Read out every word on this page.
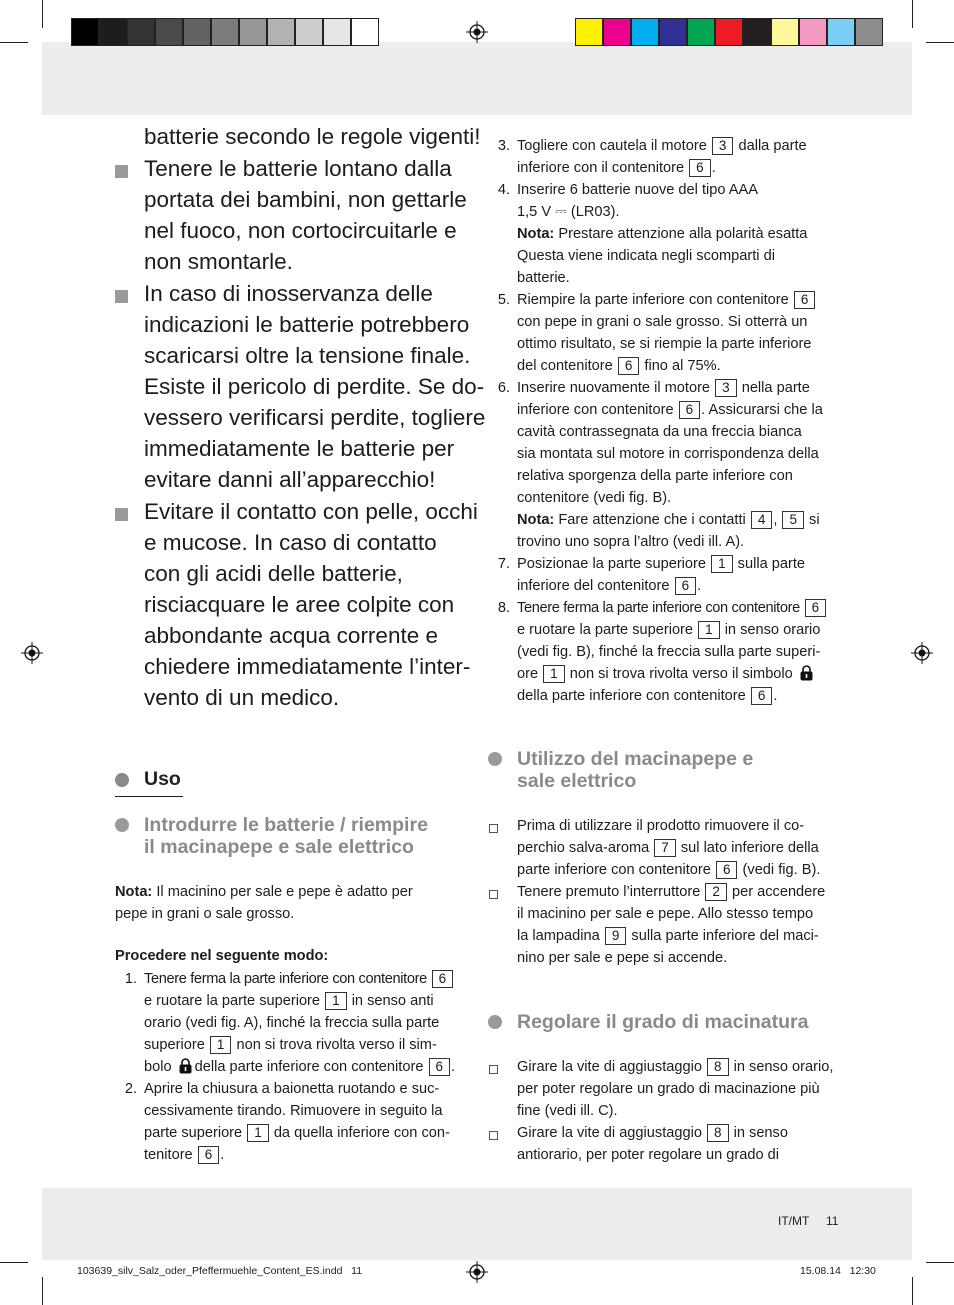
batterie secondo le regole vigenti!
Tenere le batterie lontano dalla
portata dei bambini, non gettarle
nel fuoco, non cortocircuitarle e
non smontarle.
In caso di inosservanza delle
indicazioni le batterie potrebbero
scaricarsi oltre la tensione finale.
Esiste il pericolo di perdite. Se do-
vessero verificarsi perdite, togliere
immediatamente le batterie per
evitare danni all’apparecchio!
Evitare il contatto con pelle, occhi
e mucose. In caso di contatto
con gli acidi delle batterie,
risciacquare le aree colpite con
abbondante acqua corrente e
chiedere immediatamente l’inter-
vento di un medico.
Uso
Introdurre le batterie / riempire
il macinapepe e sale elettrico
Nota: Il macinino per sale e pepe è adatto per
pepe in grani o sale grosso.
Procedere nel seguente modo:
1. Tenere ferma la parte inferiore con contenitore 6
e ruotare la parte superiore 1 in senso anti
orario (vedi fig. A), finché la freccia sulla parte
superiore 1 non si trova rivolta verso il sim-
bolo della parte inferiore con contenitore 6 .
2. Aprire la chiusura a baionetta ruotando e suc-
cessivamente tirando. Rimuovere in seguito la
parte superiore 1 da quella inferiore con con-
tenitore 6 .
3. Togliere con cautela il motore 3 dalla parte
inferiore con il contenitore 6 .
4. Inserire 6 batterie nuove del tipo AAA
1,5 V ⎓ (LR03).
Nota: Prestare attenzione alla polarità esatta
Questa viene indicata negli scomparti di
batterie.
5. Riempire la parte inferiore con contenitore 6
con pepe in grani o sale grosso. Si otterrà un
ottimo risultato, se si riempie la parte inferiore
del contenitore 6 fino al 75%.
6. Inserire nuovamente il motore 3 nella parte
inferiore con contenitore 6 . Assicurarsi che la
cavità contrassegnata da una freccia bianca
sia montata sul motore in corrispondenza della
relativa sporgenza della parte inferiore con
contenitore (vedi fig. B).
Nota: Fare attenzione che i contatti 4 , 5 si
trovino uno sopra l’altro (vedi ill. A).
7. Posizionae la parte superiore 1 sulla parte
inferiore del contenitore 6 .
8. Tenere ferma la parte inferiore con contenitore 6
e ruotare la parte superiore 1 in senso orario
(vedi fig. B), finché la freccia sulla parte superi-
ore 1 non si trova rivolta verso il simbolo
della parte inferiore con contenitore 6 .
Utilizzo del macinapepe e
sale elettrico
Prima di utilizzare il prodotto rimuovere il co-
perchio salva-aroma 7 sul lato inferiore della
parte inferiore con contenitore 6 (vedi fig. B).
Tenere premuto l’interruttore 2 per accendere
il macinino per sale e pepe. Allo stesso tempo
la lampadina 9 sulla parte inferiore del maci-
nino per sale e pepe si accende.
Regolare il grado di macinatura
Girare la vite di aggiustaggio 8 in senso orario,
per poter regolare un grado di macinazione più
fine (vedi ill. C).
Girare la vite di aggiustaggio 8 in senso
antiorario, per poter regolare un grado di
IT/MT 11
103639_silv_Salz_oder_Pfeffermuehle_Content_ES.indd   11	15.08.14   12:30
